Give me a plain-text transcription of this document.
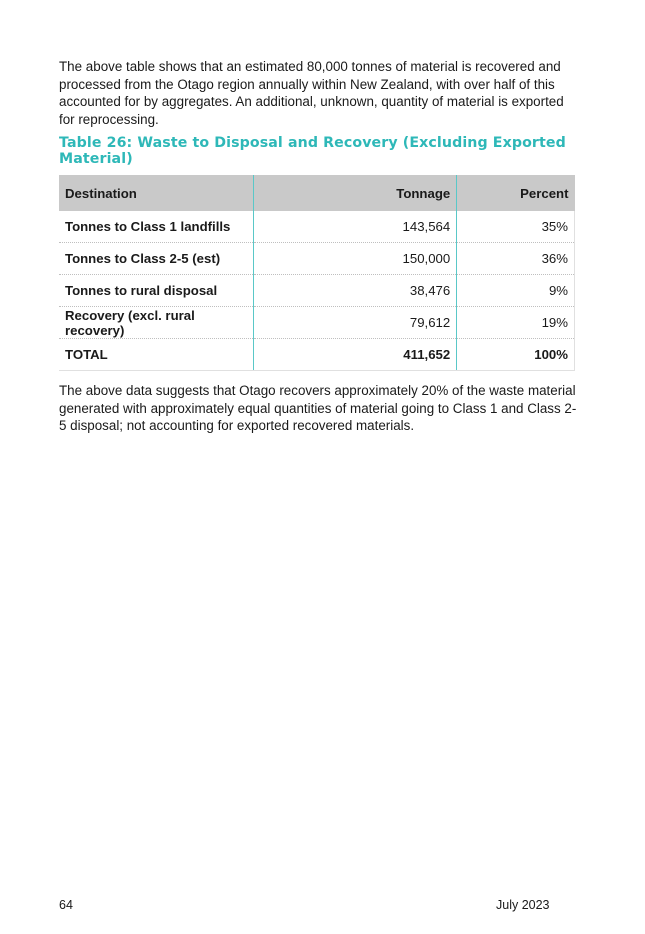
The above table shows that an estimated 80,000 tonnes of material is recovered and processed from the Otago region annually within New Zealand, with over half of this accounted for by aggregates. An additional, unknown, quantity of material is exported for reprocessing.

Table 26: Waste to Disposal and Recovery (Excluding Exported Material)
Destination	Tonnage	Percent
Tonnes to Class 1 landfills	143,564	35%
Tonnes to Class 2-5 (est)	150,000	36%
Tonnes to rural disposal	38,476	9%
Recovery (excl. rural recovery)	79,612	19%
TOTAL	411,652	100%

The above data suggests that Otago recovers approximately 20% of the waste material generated with approximately equal quantities of material going to Class 1 and Class 2-5 disposal; not accounting for exported recovered materials.

64	July 2023
